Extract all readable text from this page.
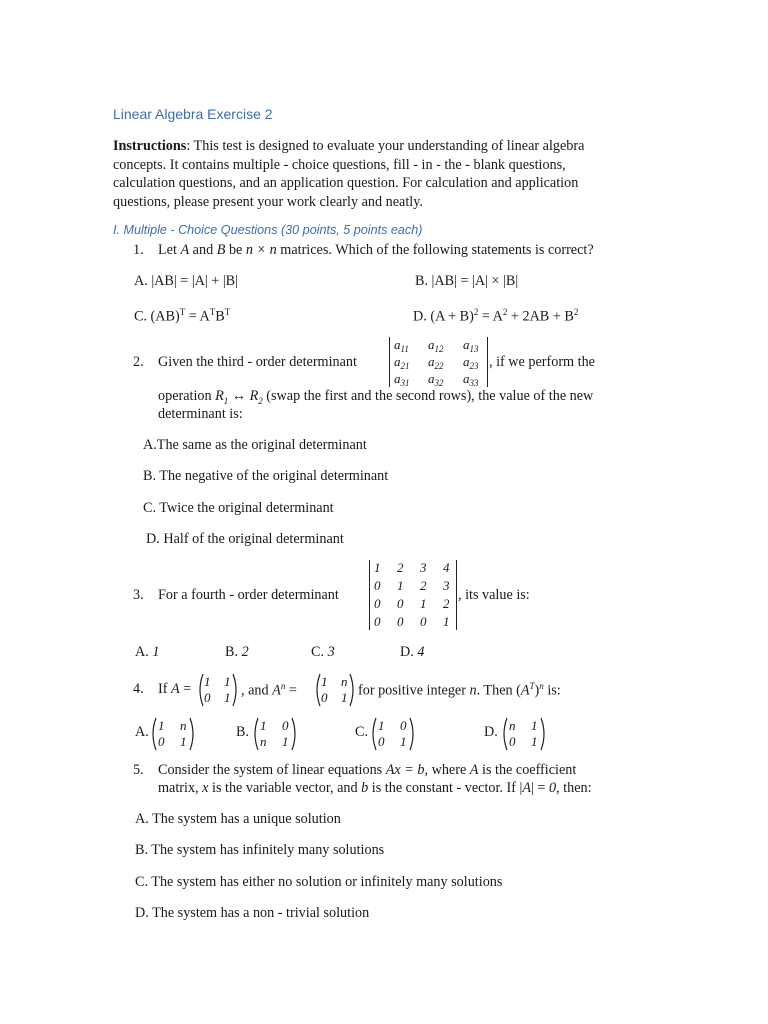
Linear Algebra Exercise 2
Instructions: This test is designed to evaluate your understanding of linear algebra
concepts. It contains multiple - choice questions, fill - in - the - blank questions,
calculation questions, and an application question. For calculation and application
questions, please present your work clearly and neatly.
I. Multiple - Choice Questions (30 points, 5 points each)
1.	Let A and B be n × n matrices. Which of the following statements is correct?
A. |AB| = |A| + |B|	B. |AB| = |A| × |B|
C. $(AB)^T = A^TB^T$	D. $(A + B)^2 = A^2 + 2AB + B^2$
2.	Given the third - order determinant
$a_{11}$ $a_{12}$ $a_{13}$
$a_{21}$ $a_{22}$ $a_{23}$
$a_{31}$ $a_{32}$ $a_{33}$
, if we perform the
operation $R_1$ ↔ $R_2$ (swap the first and the second rows), the value of the new
determinant is:
A.The same as the original determinant
B. The negative of the original determinant
C. Twice the original determinant
D. Half of the original determinant
3.	For a fourth - order determinant
1 2 3 4
0 1 2 3
0 0 1 2
0 0 0 1
, its value is:
A. 1	B. 2	C. 3	D. 4
4.	If A = 1 1
0 1 , and $A^n$ =
1 n
0 1 for positive integer n. Then $(A^T)^n$ is:
A. 1 n
0 1
B. 1 0
n 1
C. 1 0
0 1
D. n 1
0 1
5.	Consider the system of linear equations Ax = b, where A is the coefficient
matrix, x is the variable vector, and b is the constant - vector. If |A| = 0, then:
A. The system has a unique solution
B. The system has infinitely many solutions
C. The system has either no solution or infinitely many solutions
D. The system has a non - trivial solution
